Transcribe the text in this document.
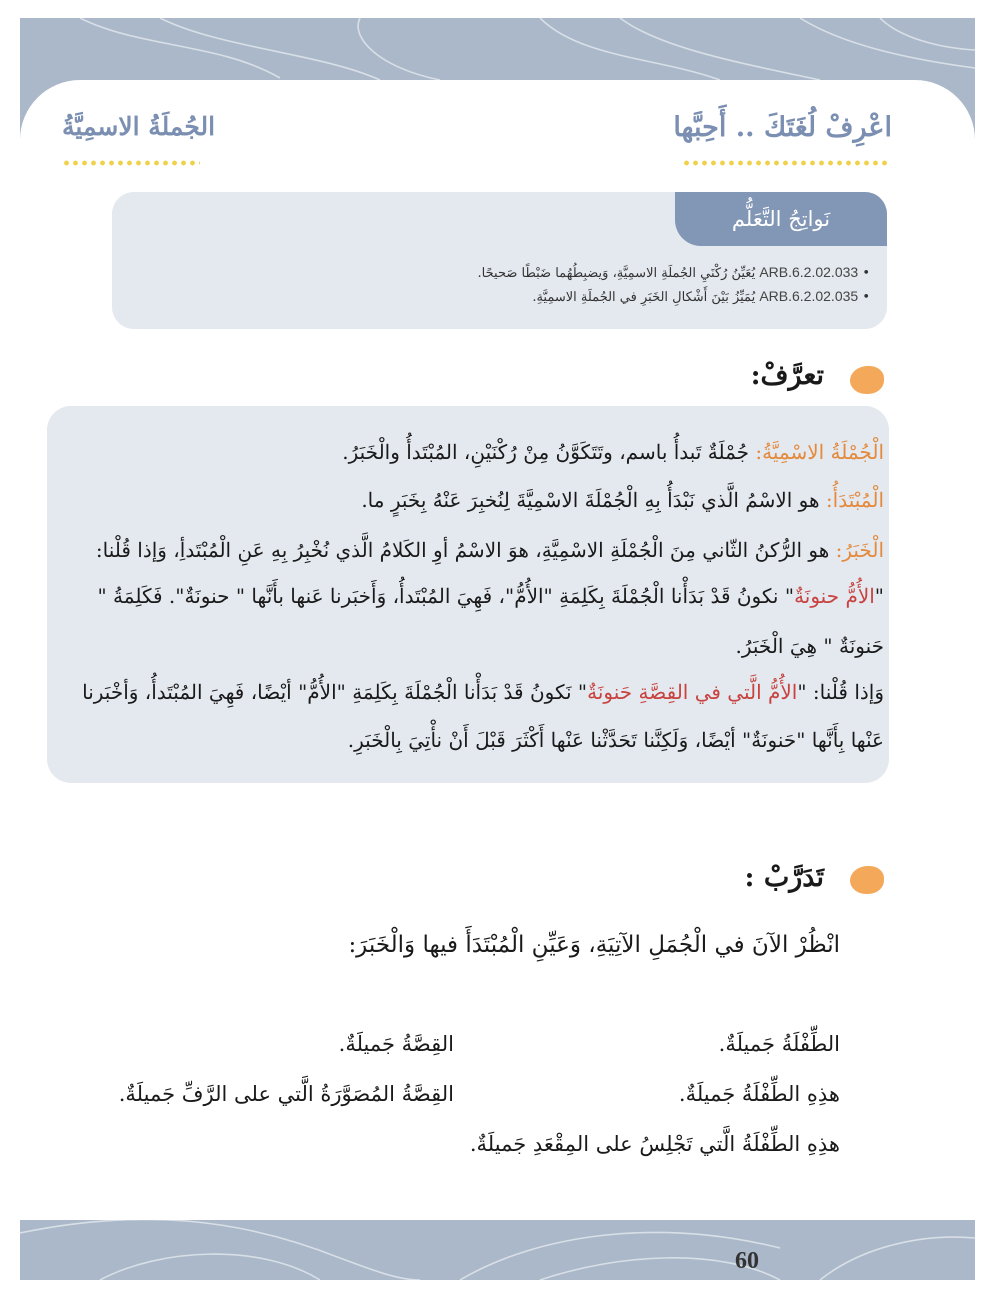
اعْرِفْ لُغَتَكَ .. أَحِبَّها
الجُملَةُ الاسمِيَّةُ
نَواتِجُ التَّعَلُّم
• ARB.6.2.02.033 يُعَيِّنُ رُكْنَيِ الجُملَةِ الاسمِيَّةِ، وَيضبِطُهُما ضَبْطًا صَحيحًا.
• ARB.6.2.02.035 يُمَيِّزُ بَيْنَ أَشْكالِ الخَبَرِ في الجُملَةِ الاسمِيَّةِ.
تعرَّفْ:
الْجُمْلَةُ الاسْمِيَّةُ: جُمْلَةٌ تَبدأُ باسم، وتَتَكَوَّنُ مِنْ رُكْنَيْنِ، المُبْتَدأُ والْخَبَرُ.
الْمُبْتَدَأُ: هو الاسْمُ الَّذي نَبْدَأُ بِهِ الْجُمْلَةَ الاسْمِيَّةَ لِنُخبِرَ عَنْهُ بِخَبَرٍ ما.
الْخَبَرُ: هو الرُّكنُ الثّاني مِنَ الْجُمْلَةِ الاسْمِيَّةِ، هوَ الاسْمُ أوِ الكَلامُ الَّذي نُخْبِرُ بِهِ عَنِ الْمُبْتَدأِ، وَإذا قُلْنا:
"الأُمُّ حنونَةٌ" نكونُ قَدْ بَدَأْنا الْجُمْلَةَ بِكَلِمَةِ "الأُمُّ"، فَهِيَ المُبْتَدأُ، وَأَخبَرنا عَنها بأَنَّها " حنونَةٌ". فَكَلِمَةُ "
حَنونَةٌ " هِيَ الْخَبَرُ.
وَإذا قُلْنا: "الأُمُّ الَّتي في القِصَّةِ حَنونَةٌ" نَكونُ قَدْ بَدَأْنا الْجُمْلَةَ بِكَلِمَةِ "الأُمُّ" أيْضًا، فَهِيَ المُبْتَدأُ، وَأخْبَرنا
عَنْها بِأَنَّها "حَنونَةٌ" أيْضًا، وَلَكِنَّنا تَحَدَّثْنا عَنْها أَكْثَرَ قَبْلَ أَنْ نأْتِيَ بِالْخَبَرِ.
تَدَرَّبْ :
انْظُرْ الآنَ في الْجُمَلِ الآتِيَةِ، وَعَيِّنِ الْمُبْتَدَأَ فيها وَالْخَبَرَ:
الطِّفْلَةُ جَميلَةٌ.
القِصَّةُ جَميلَةٌ.
هذِهِ الطِّفْلَةُ جَميلَةٌ.
القِصَّةُ المُصَوَّرَةُ الَّتي على الرَّفِّ جَميلَةٌ.
هذِهِ الطِّفْلَةُ الَّتي تَجْلِسُ على المِقْعَدِ جَميلَةٌ.
60
